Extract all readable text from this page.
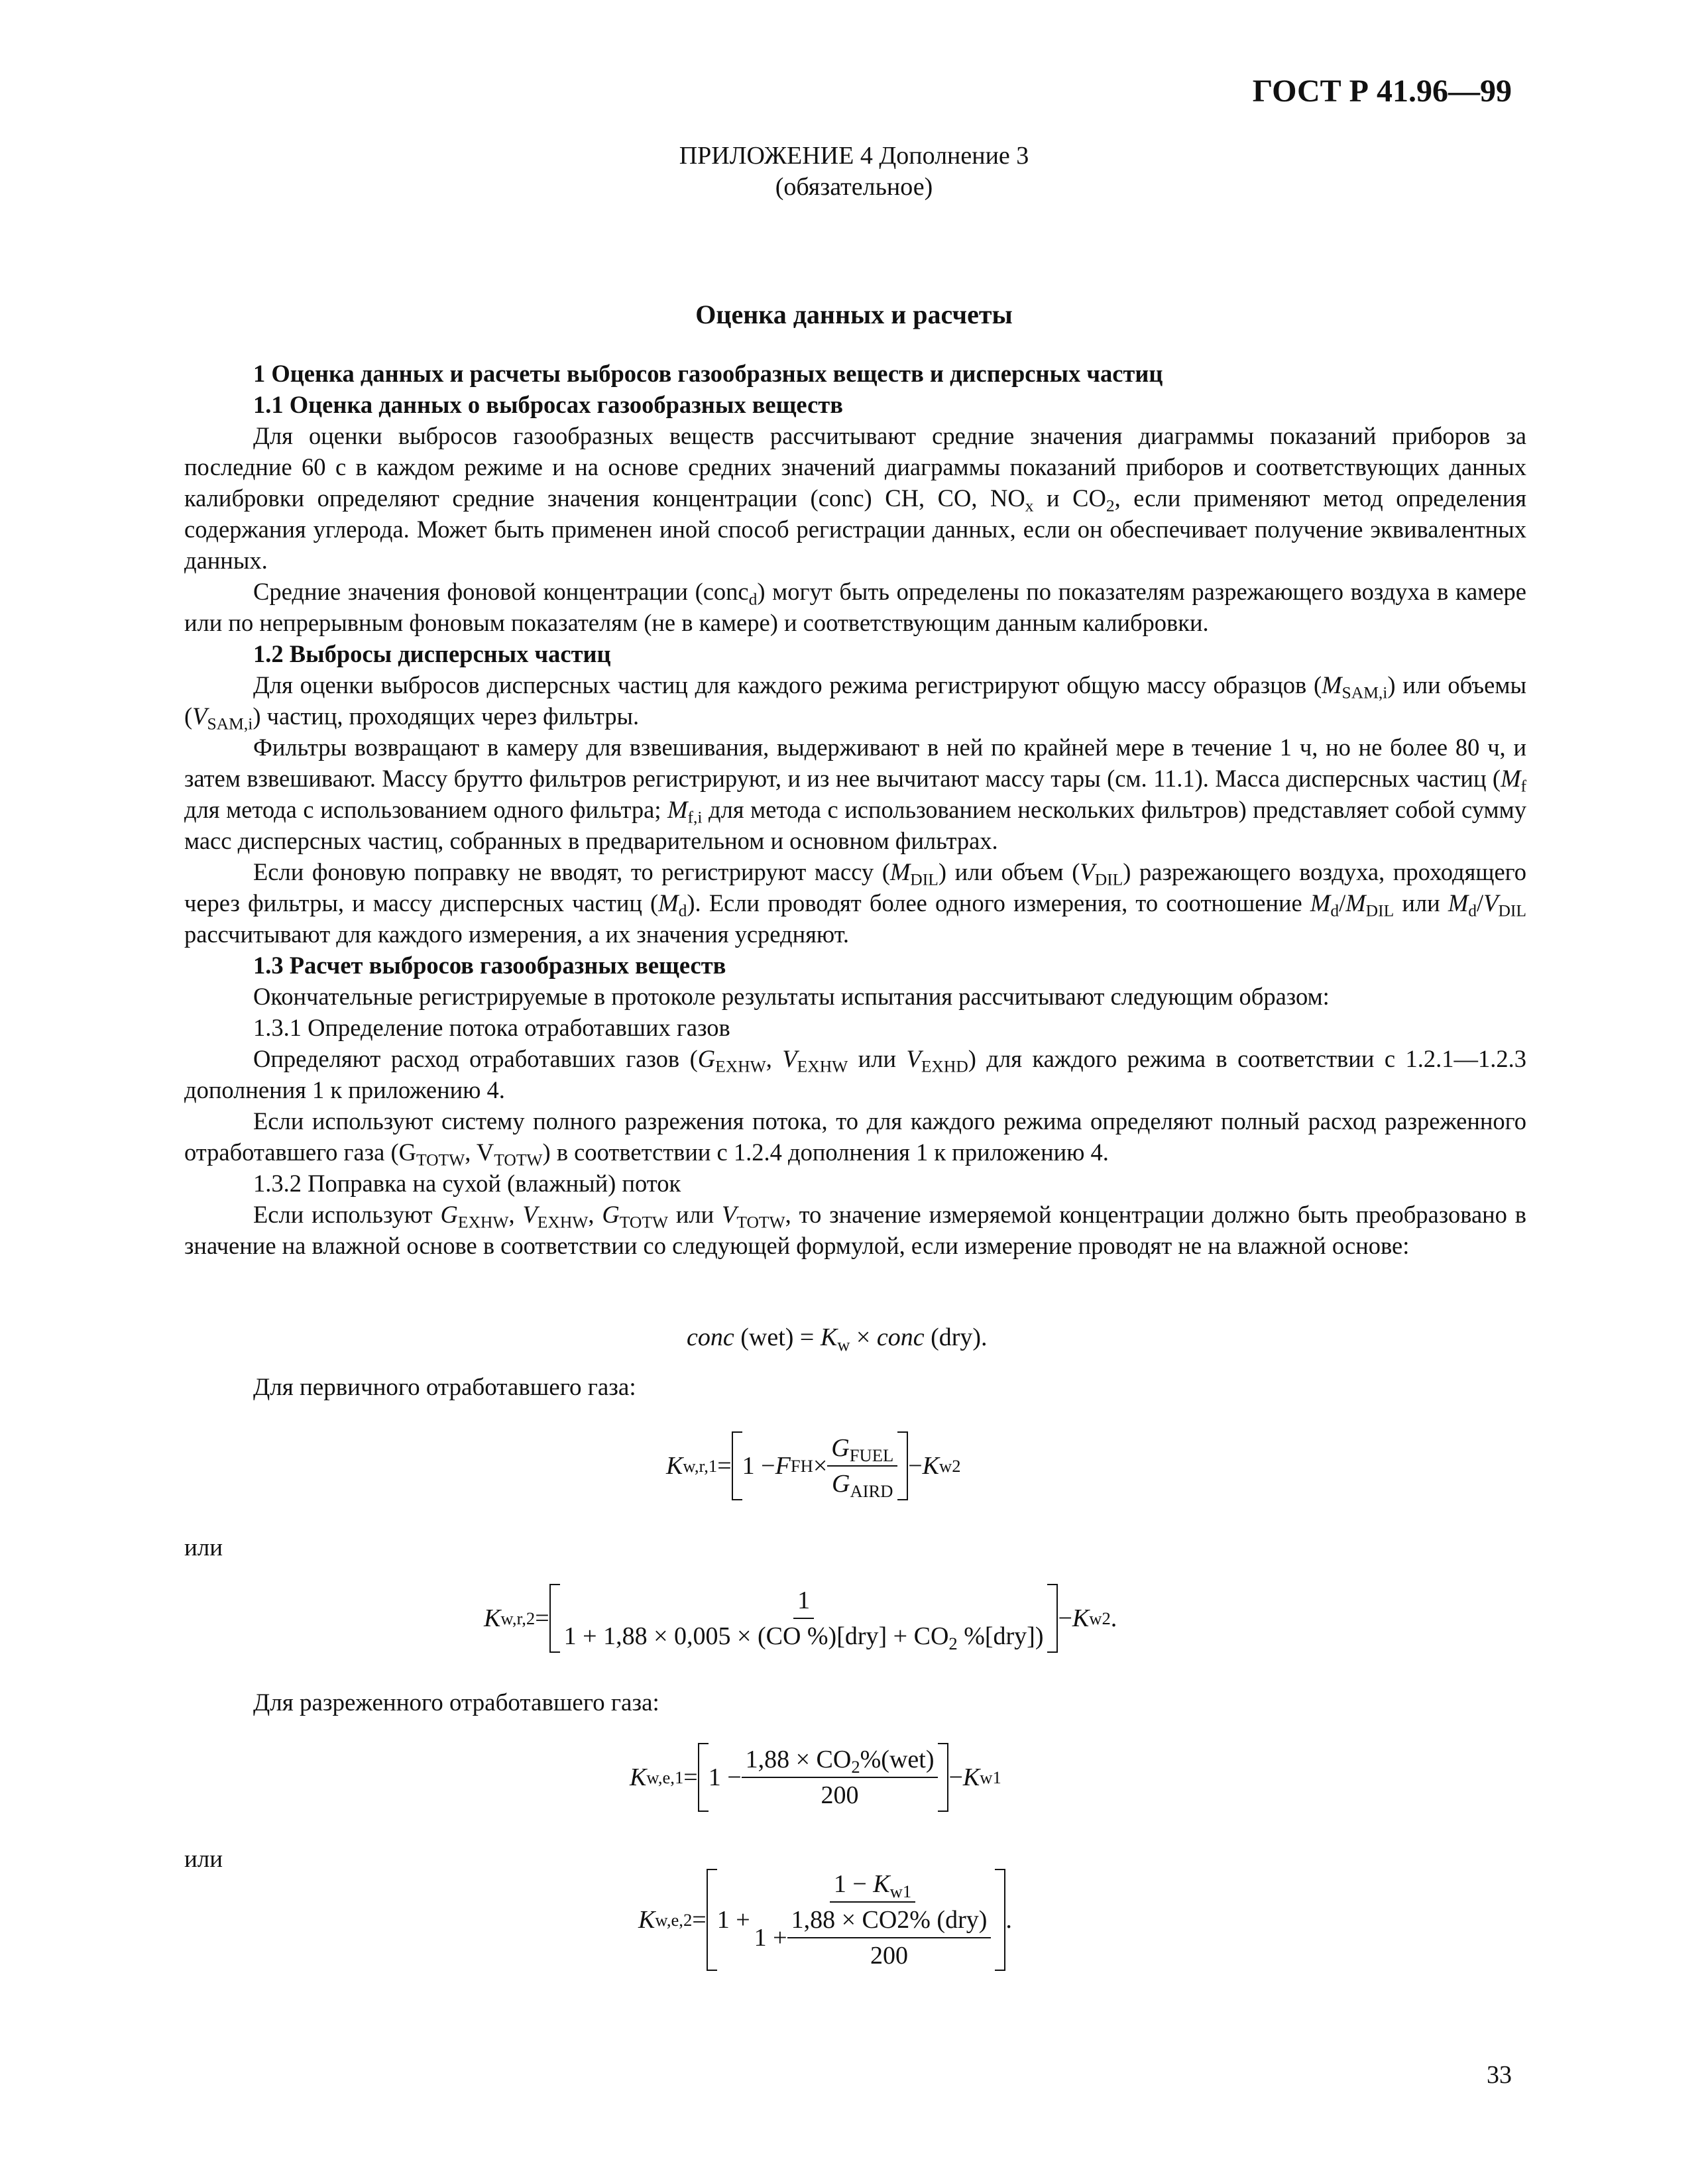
ГОСТ Р 41.96—99
ПРИЛОЖЕНИЕ 4 Дополнение 3
(обязательное)
Оценка данных и расчеты
1 Оценка данных и расчеты выбросов газообразных веществ и дисперсных частиц
1.1 Оценка данных о выбросах газообразных веществ

Для оценки выбросов газообразных веществ рассчитывают средние значения диаграммы показаний приборов за последние 60 с в каждом режиме и на основе средних значений диаграммы показаний приборов и соответствующих данных калибровки определяют средние значения концентрации (conc) CH, CO, $NO_x$ и $CO_2$, если применяют метод определения содержания углерода. Может быть применен иной способ регистрации данных, если он обеспечивает получение эквивалентных данных.

Средние значения фоновой концентрации (conc$_d$) могут быть определены по показателям разрежающего воздуха в камере или по непрерывным фоновым показателям (не в камере) и соответствующим данным калибровки.

1.2 Выбросы дисперсных частиц

Для оценки выбросов дисперсных частиц для каждого режима регистрируют общую массу образцов $(M_{SAM,i})$ или объемы $(V_{SAM,i})$ частиц, проходящих через фильтры.

Фильтры возвращают в камеру для взвешивания, выдерживают в ней по крайней мере в течение 1 ч, но не более 80 ч, и затем взвешивают. Массу брутто фильтров регистрируют, и из нее вычитают массу тары (см. 11.1). Масса дисперсных частиц ($M_f$ для метода с использованием одного фильтра; $M_{f,i}$ для метода с использованием нескольких фильтров) представляет собой сумму масс дисперсных частиц, собранных в предварительном и основном фильтрах.

Если фоновую поправку не вводят, то регистрируют массу $(M_{DIL})$ или объем $(V_{DIL})$ разрежающего воздуха, проходящего через фильтры, и массу дисперсных частиц $(M_d)$. Если проводят более одного измерения, то соотношение $M_d/M_{DIL}$ или $M_d/V_{DIL}$ рассчитывают для каждого измерения, а их значения усредняют.

1.3 Расчет выбросов газообразных веществ

Окончательные регистрируемые в протоколе результаты испытания рассчитывают следующим образом:

1.3.1 Определение потока отработавших газов

Определяют расход отработавших газов ($G_{EXHW}$, $V_{EXHW}$ или $V_{EXHD}$) для каждого режима в соответствии с 1.2.1—1.2.3 дополнения 1 к приложению 4.

Если используют систему полного разрежения потока, то для каждого режима определяют полный расход разреженного отработавшего газа ($G_{TOTW}$, $V_{TOTW}$) в соответствии с 1.2.4 дополнения 1 к приложению 4.

1.3.2 Поправка на сухой (влажный) поток

Если используют $G_{EXHW}$, $V_{EXHW}$, $G_{TOTW}$ или $V_{TOTW}$, то значение измеряемой концентрации должно быть преобразовано в значение на влажной основе в соответствии со следующей формулой, если измерение проводят не на влажной основе:

conc $(wet) = K_w$ × conc (dry).
Для первичного отработавшего газа:
K w,r,1 = 1 − F FH × $\frac{G_{FUEL}}{G_{AIRD}} - K$ w2
или
K $w,r,2 = \frac{1}{1 + 1,88 \times 0,005 \times (CO \%)[dry] + CO_2 \%[dry])} - K$ w2 .
Для разреженного отработавшего газа:
K $w,e,1 = 1 - \frac{1,88 \times CO_2\%(wet)}{200} - K$ w1
или
K w,e,2 = 1 +
$1 - K_{w1}$
$1 + \frac{\text{1,88 × CO2\% (dry)}}{200}$ .
33
